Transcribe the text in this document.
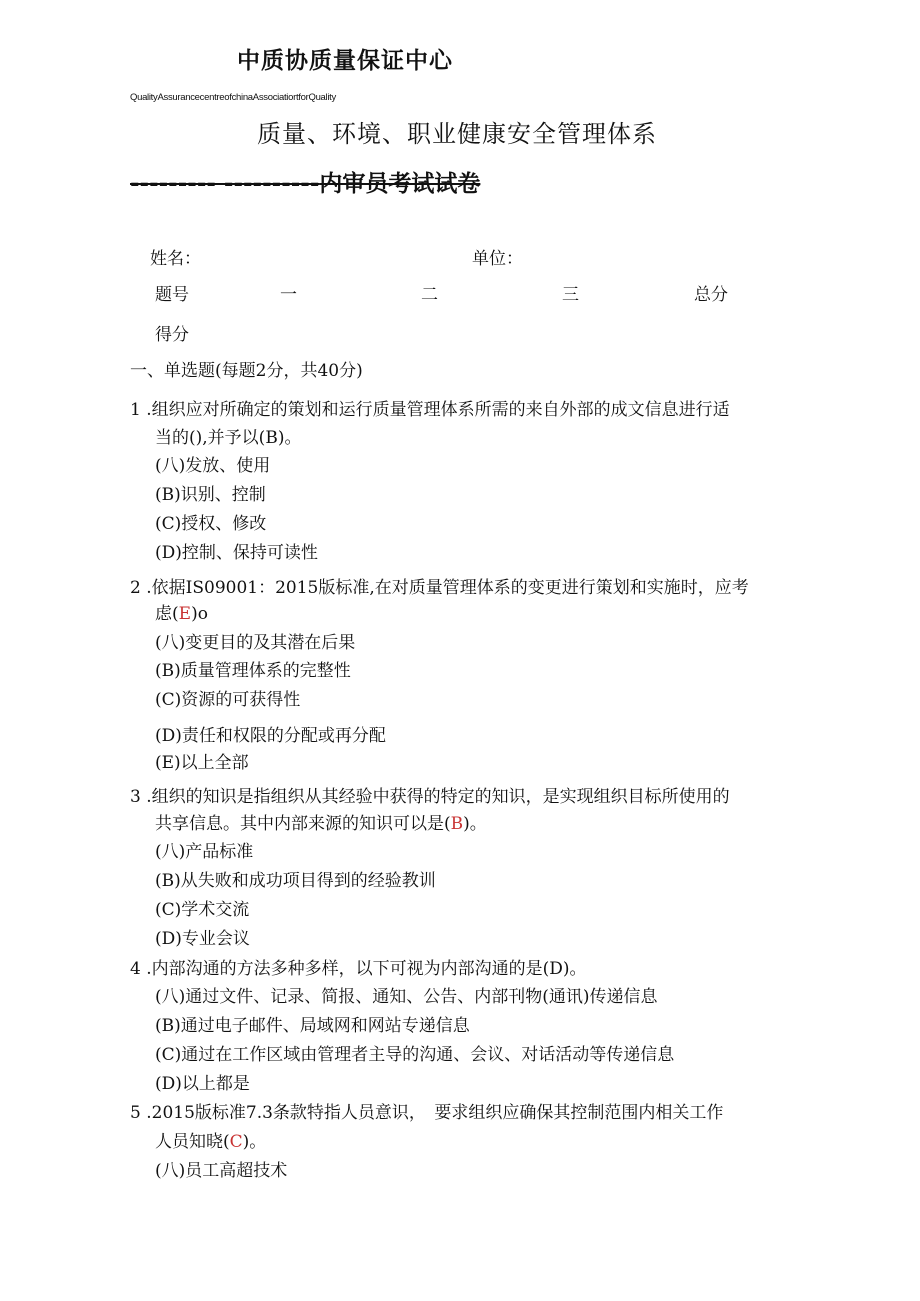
中质协质量保证中心
QualityAssurancecentreofchinaAssociatiortforQuality
质量、环境、职业健康安全管理体系
--------- ----------内审员考试试卷
姓名：	单位：
题号	一	二	三	总分
得分
一、单选题(每题2分，共40分)
1 .组织应对所确定的策划和运行质量管理体系所需的来自外部的成文信息进行适
当的(),并予以(B)。
(八)发放、使用
(B)识别、控制
(C)授权、修改
(D)控制、保持可读性
2 .依据IS09001：2015版标准,在对质量管理体系的变更进行策划和实施时，应考
虑(E)o
(八)变更目的及其潜在后果
(B)质量管理体系的完整性
(C)资源的可获得性
(D)责任和权限的分配或再分配
(E)以上全部
3 .组织的知识是指组织从其经验中获得的特定的知识，是实现组织目标所使用的
共享信息。其中内部来源的知识可以是(B)。
(八)产品标准
(B)从失败和成功项目得到的经验教训
(C)学术交流
(D)专业会议
4 .内部沟通的方法多种多样，以下可视为内部沟通的是(D)。
(八)通过文件、记录、简报、通知、公告、内部刊物(通讯)传递信息
(B)通过电子邮件、局域网和网站专递信息
(C)通过在工作区域由管理者主导的沟通、会议、对话活动等传递信息
(D)以上都是
5 .2015版标准7.3条款特指人员意识，　要求组织应确保其控制范围内相关工作
人员知晓(C)。
(八)员工高超技术
